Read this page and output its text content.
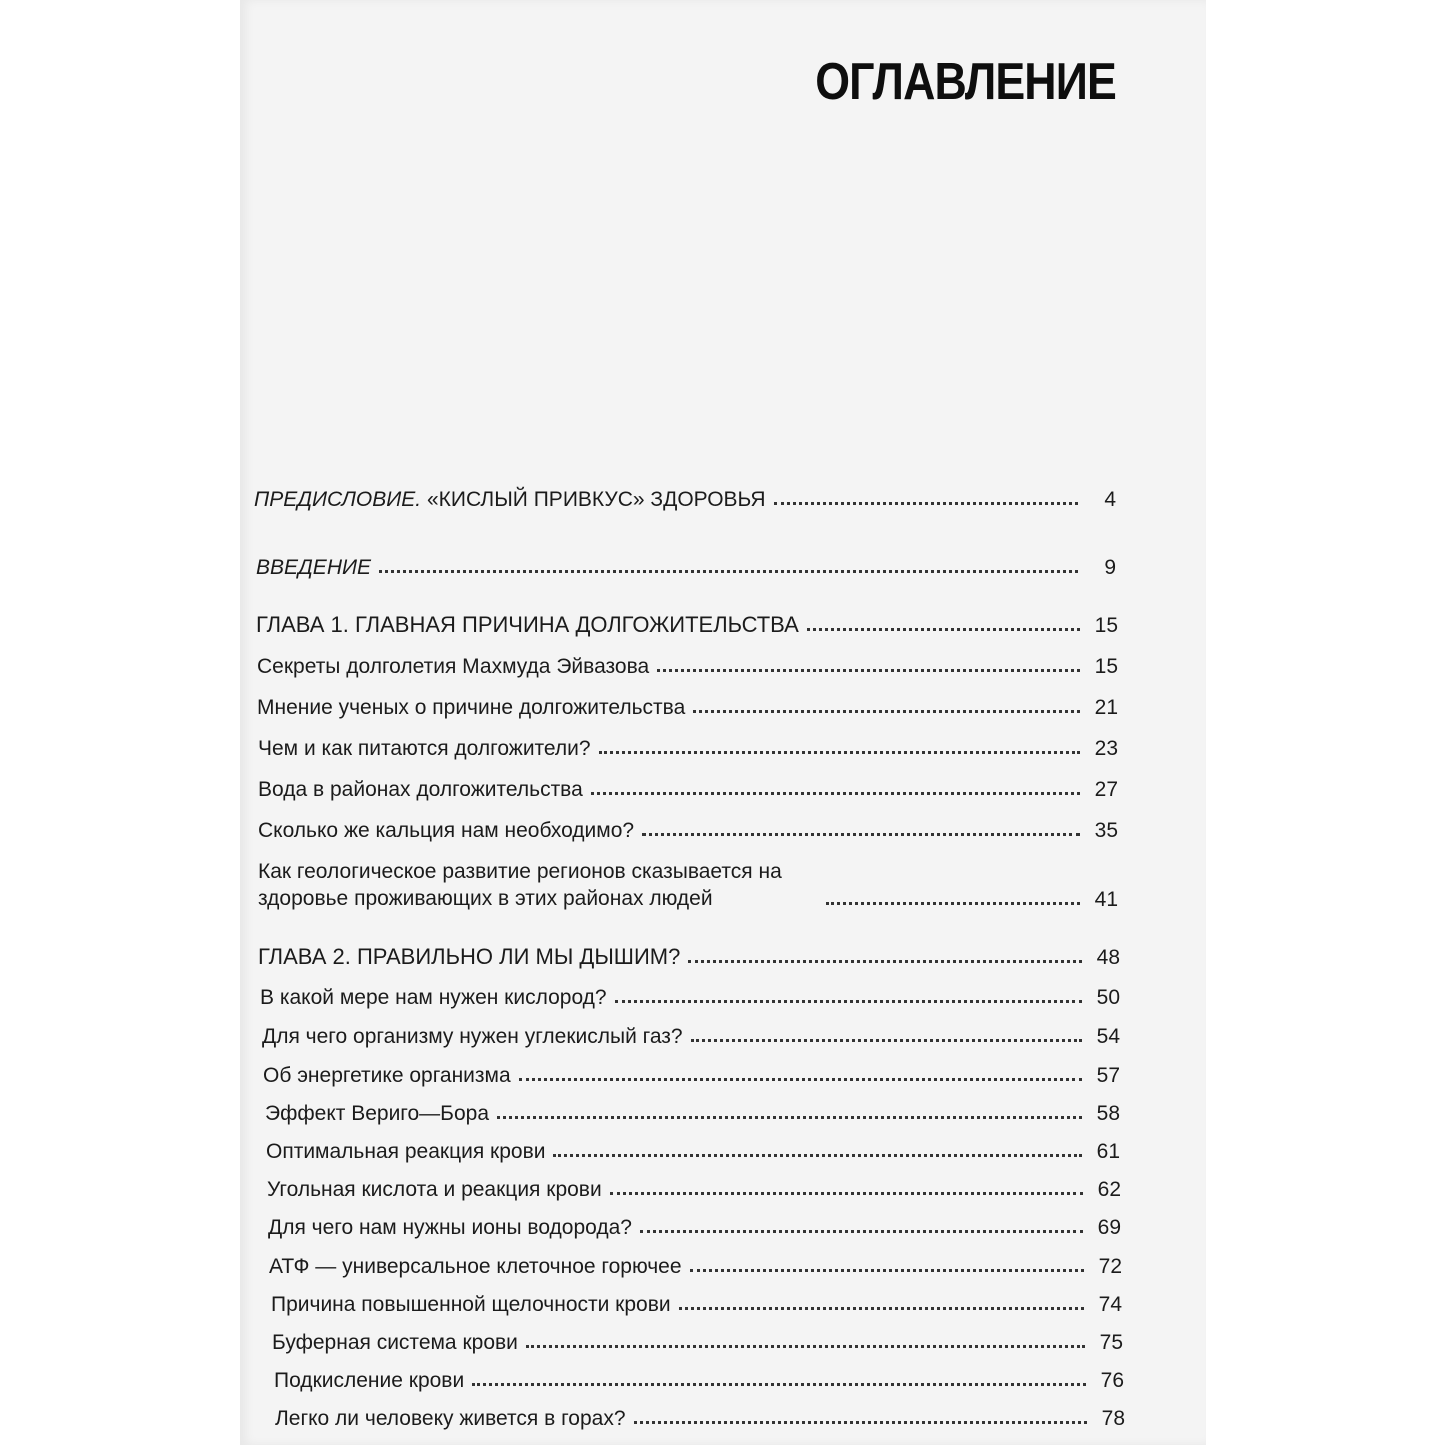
ОГЛАВЛЕНИЕ
ПРЕДИСЛОВИЕ. «КИСЛЫЙ ПРИВКУС» ЗДОРОВЬЯ	4
ВВЕДЕНИЕ	9
ГЛАВА 1. ГЛАВНАЯ ПРИЧИНА ДОЛГОЖИТЕЛЬСТВА	15
Секреты долголетия Махмуда Эйвазова	15
Мнение ученых о причине долгожительства	21
Чем и как питаются долгожители?	23
Вода в районах долгожительства	27
Сколько же кальция нам необходимо?	35
Как геологическое развитие регионов сказывается на здоровье проживающих в этих районах людей	41
ГЛАВА 2. ПРАВИЛЬНО ЛИ МЫ ДЫШИМ?	48
В какой мере нам нужен кислород?	50
Для чего организму нужен углекислый газ?	54
Об энергетике организма	57
Эффект Вериго—Бора	58
Оптимальная реакция крови	61
Угольная кислота и реакция крови	62
Для чего нам нужны ионы водорода?	69
АТФ — универсальное клеточное горючее	72
Причина повышенной щелочности крови	74
Буферная система крови	75
Подкисление крови	76
Легко ли человеку живется в горах?	78
